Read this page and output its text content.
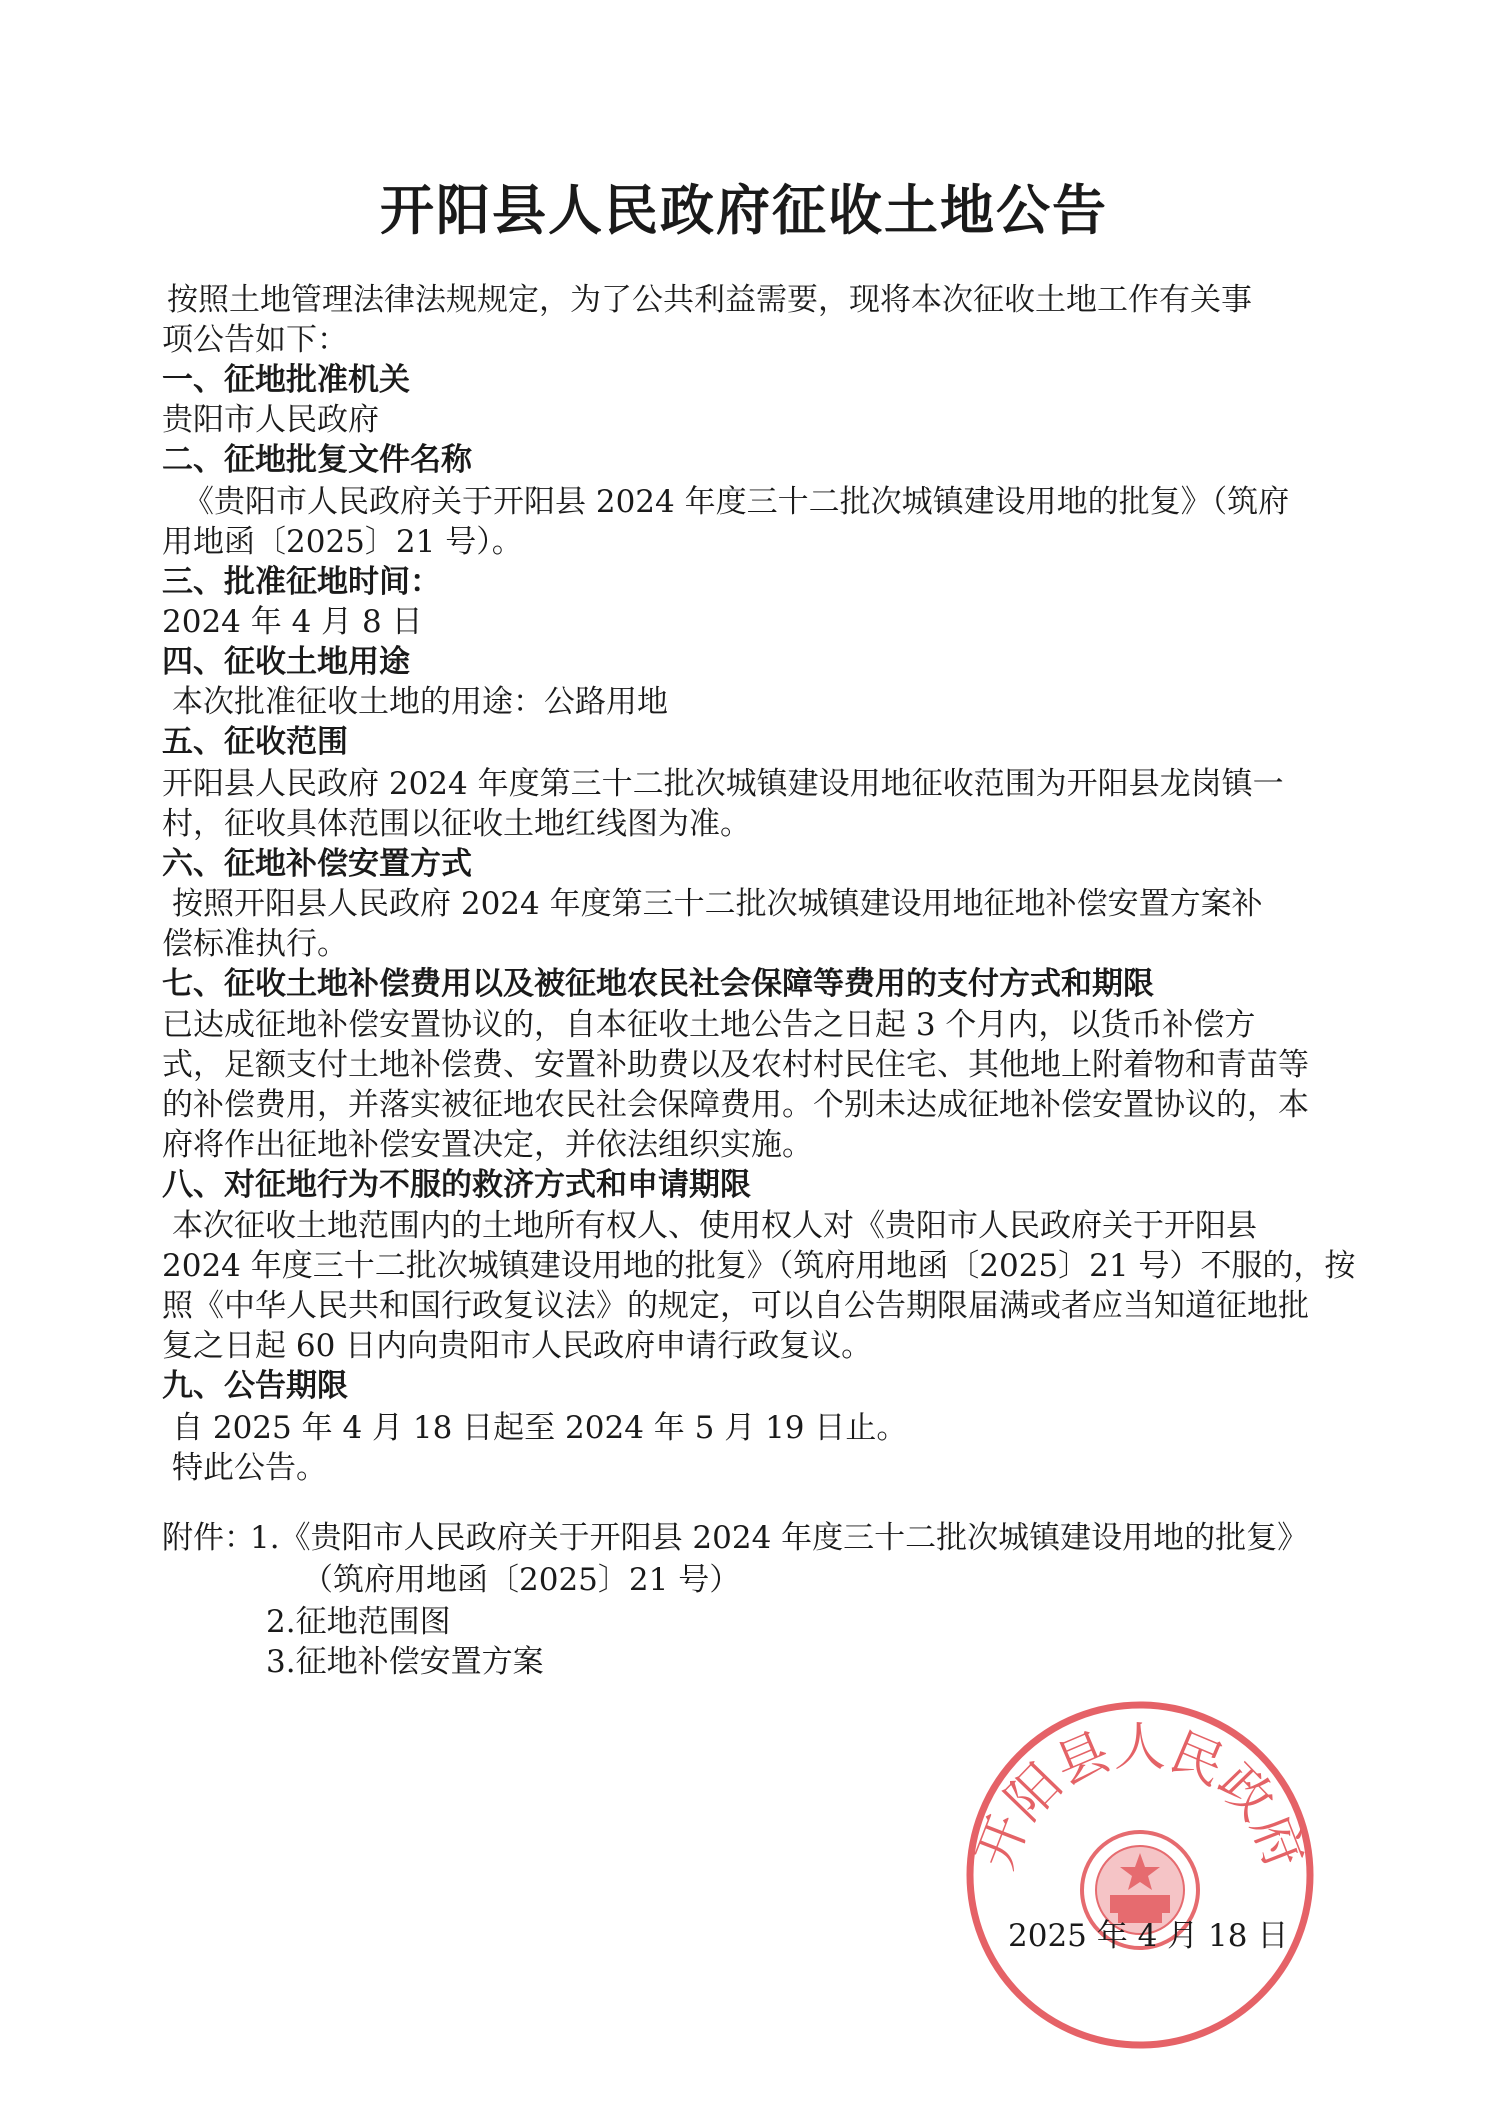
开阳县人民政府征收土地公告
按照土地管理法律法规规定，为了公共利益需要，现将本次征收土地工作有关事
项公告如下：
一、征地批准机关
贵阳市人民政府
二、征地批复文件名称
《贵阳市人民政府关于开阳县 2024 年度三十二批次城镇建设用地的批复》（筑府
用地函〔2025〕21 号）。
三、批准征地时间：
2024 年 4 月 8 日
四、征收土地用途
本次批准征收土地的用途：公路用地
五、征收范围
开阳县人民政府 2024 年度第三十二批次城镇建设用地征收范围为开阳县龙岗镇一
村，征收具体范围以征收土地红线图为准。
六、征地补偿安置方式
按照开阳县人民政府 2024 年度第三十二批次城镇建设用地征地补偿安置方案补
偿标准执行。
七、征收土地补偿费用以及被征地农民社会保障等费用的支付方式和期限
已达成征地补偿安置协议的，自本征收土地公告之日起 3 个月内，以货币补偿方
式，足额支付土地补偿费、安置补助费以及农村村民住宅、其他地上附着物和青苗等
的补偿费用，并落实被征地农民社会保障费用。个别未达成征地补偿安置协议的，本
府将作出征地补偿安置决定，并依法组织实施。
八、对征地行为不服的救济方式和申请期限
本次征收土地范围内的土地所有权人、使用权人对《贵阳市人民政府关于开阳县
2024 年度三十二批次城镇建设用地的批复》（筑府用地函〔2025〕21 号）不服的，按
照《中华人民共和国行政复议法》的规定，可以自公告期限届满或者应当知道征地批
复之日起 60 日内向贵阳市人民政府申请行政复议。
九、公告期限
自 2025 年 4 月 18 日起至 2024 年 5 月 19 日止。
特此公告。
附件：
1.《贵阳市人民政府关于开阳县 2024 年度三十二批次城镇建设用地的批复》
（筑府用地函〔2025〕21 号）
2.征地范围图
3.征地补偿安置方案
开阳县人民政府
2025 年 4 月 18 日
